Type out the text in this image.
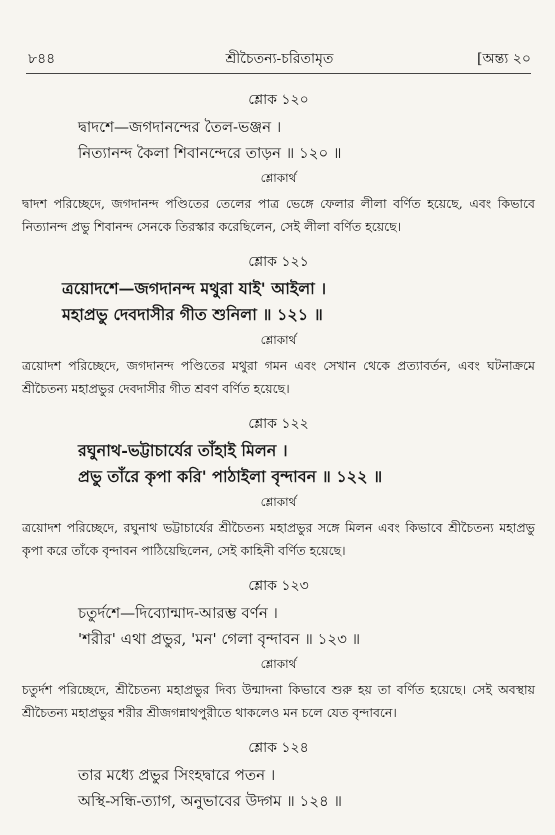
৮৪৪	শ্রীচৈতন্য-চরিতামৃত	[অন্ত্য ২০
শ্লোক ১২০
দ্বাদশে—জগদানন্দের তৈল-ভঞ্জন ।
নিত্যানন্দ কৈলা শিবানন্দেরে তাড়ন ॥ ১২০ ॥
শ্লোকার্থ
দ্বাদশ পরিচ্ছেদে, জগদানন্দ পণ্ডিতের তেলের পাত্র ভেঙ্গে ফেলার লীলা বর্ণিত হয়েছে, এবং কিভাবে নিত্যানন্দ প্রভু শিবানন্দ সেনকে তিরস্কার করেছিলেন, সেই লীলা বর্ণিত হয়েছে।
শ্লোক ১২১
ত্রয়োদশে—জগদানন্দ মথুরা যাই' আইলা ।
মহাপ্রভু দেবদাসীর গীত শুনিলা ॥ ১২১ ॥
শ্লোকার্থ
ত্রয়োদশ পরিচ্ছেদে, জগদানন্দ পণ্ডিতের মথুরা গমন এবং সেখান থেকে প্রত্যাবর্তন, এবং ঘটনাক্রমে শ্রীচৈতন্য মহাপ্রভুর দেবদাসীর গীত শ্রবণ বর্ণিত হয়েছে।
শ্লোক ১২২
রঘুনাথ-ভট্টাচার্যের তাঁহাই মিলন ।
প্রভু তাঁরে কৃপা করি' পাঠাইলা বৃন্দাবন ॥ ১২২ ॥
শ্লোকার্থ
ত্রয়োদশ পরিচ্ছেদে, রঘুনাথ ভট্টাচার্যের শ্রীচৈতন্য মহাপ্রভুর সঙ্গে মিলন এবং কিভাবে শ্রীচৈতন্য মহাপ্রভু কৃপা করে তাঁকে বৃন্দাবন পাঠিয়েছিলেন, সেই কাহিনী বর্ণিত হয়েছে।
শ্লোক ১২৩
চতুর্দশে—দিব্যোন্মাদ-আরম্ভ বর্ণন ।
'শরীর' এথা প্রভুর, 'মন' গেলা বৃন্দাবন ॥ ১২৩ ॥
শ্লোকার্থ
চতুর্দশ পরিচ্ছেদে, শ্রীচৈতন্য মহাপ্রভুর দিব্য উন্মাদনা কিভাবে শুরু হয় তা বর্ণিত হয়েছে। সেই অবস্থায় শ্রীচৈতন্য মহাপ্রভুর শরীর শ্রীজগন্নাথপুরীতে থাকলেও মন চলে যেত বৃন্দাবনে।
শ্লোক ১২৪
তার মধ্যে প্রভুর সিংহদ্বারে পতন ।
অস্থি-সন্ধি-ত্যাগ, অনুভাবের উদ্গম ॥ ১২৪ ॥
